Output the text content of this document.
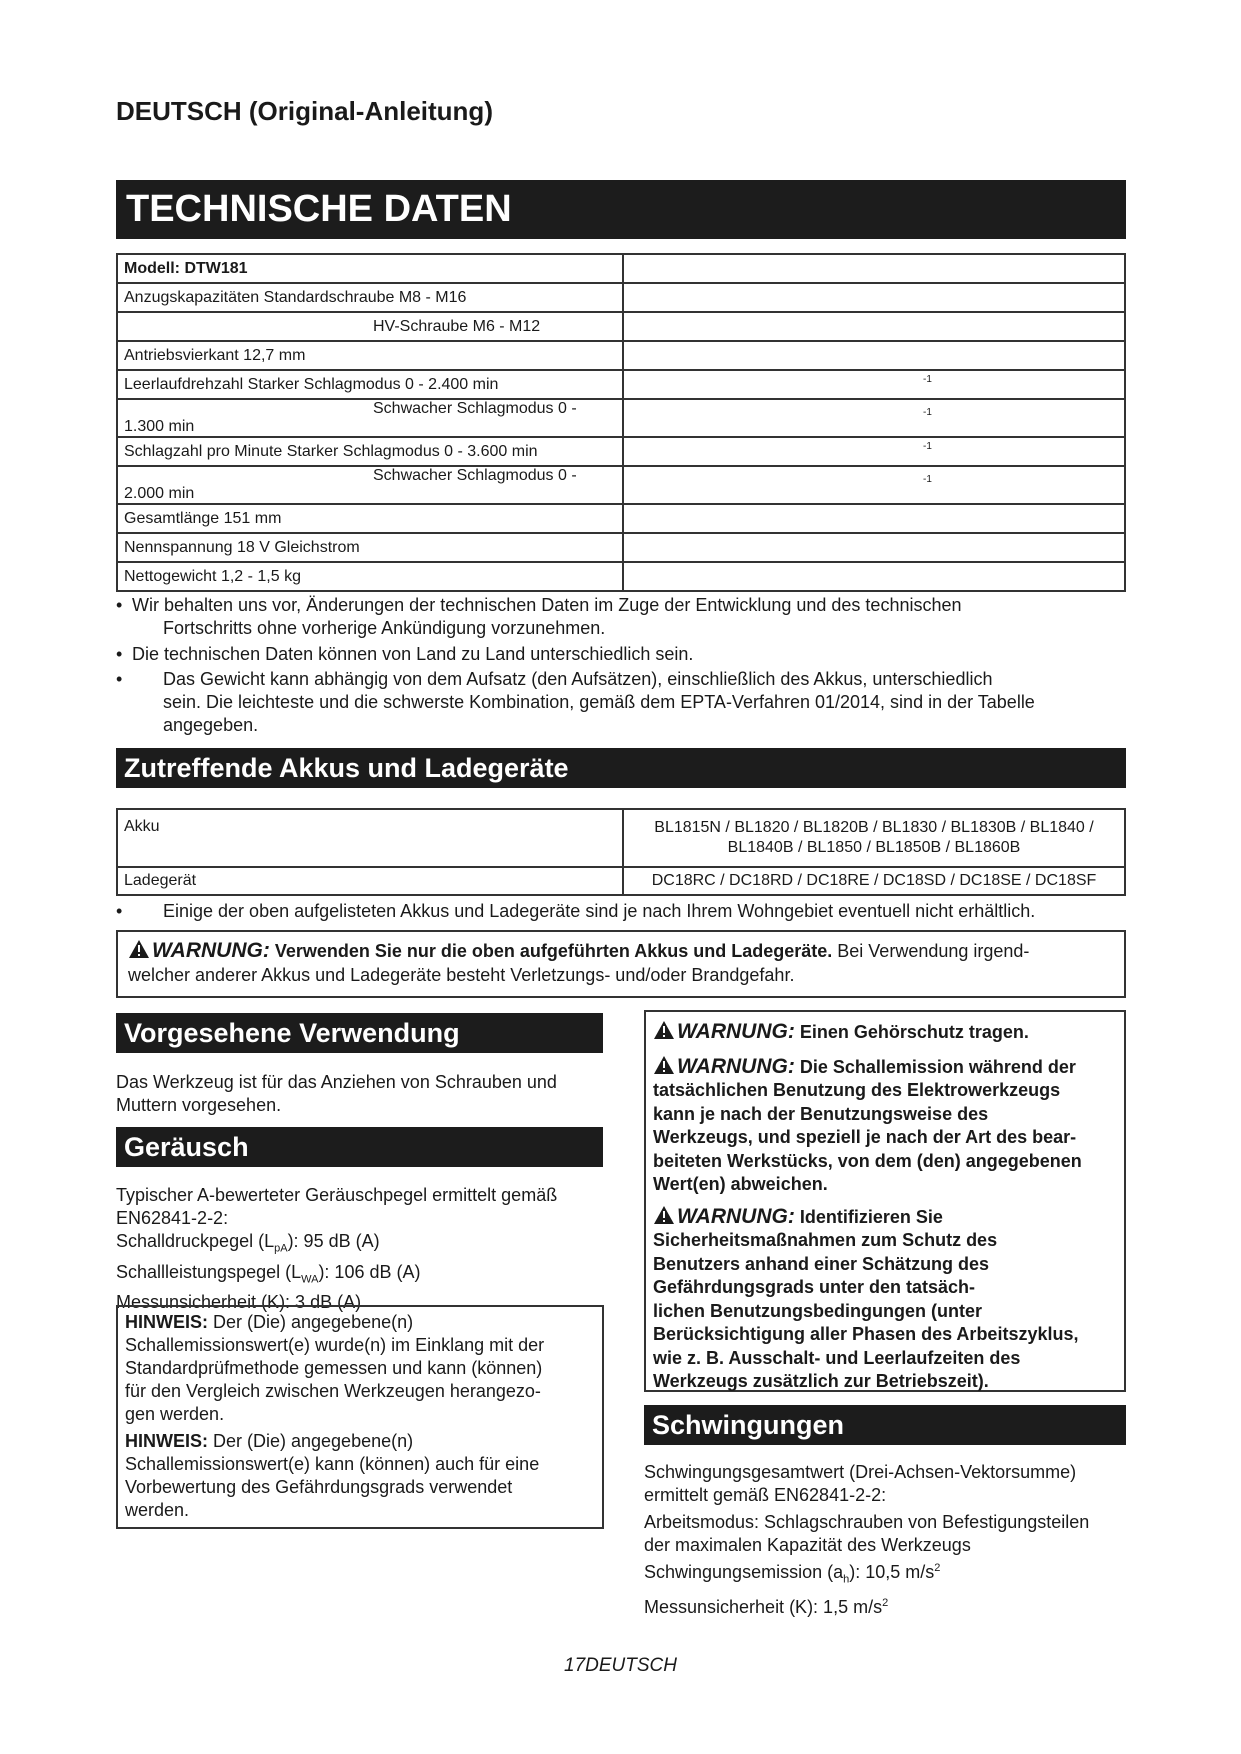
DEUTSCH (Original-Anleitung)
TECHNISCHE DATEN
Modell: DTW181	
Anzugskapazitäten Standardschraube M8 - M16	
HV-Schraube M6 - M12	
Antriebsvierkant 12,7 mm	
Leerlaufdrehzahl Starker Schlagmodus 0 - 2.400 min	$^{-1}$
Schwacher Schlagmodus 0 - 1.300 min	$^{-1}$
Schlagzahl pro Minute Starker Schlagmodus 0 - 3.600 min	$^{-1}$
Schwacher Schlagmodus 0 - 2.000 min	$^{-1}$
Gesamtlänge 151 mm	
Nennspannung 18 V Gleichstrom	
Nettogewicht 1,2 - 1,5 kg	
• Wir behalten uns vor, Änderungen der technischen Daten im Zuge der Entwicklung und des technischen
Fortschritts ohne vorherige Ankündigung vorzunehmen.
• Die technischen Daten können von Land zu Land unterschiedlich sein.
•	Das Gewicht kann abhängig von dem Aufsatz (den Aufsätzen), einschließlich des Akkus, unterschiedlich
sein. Die leichteste und die schwerste Kombination, gemäß dem EPTA-Verfahren 01/2014, sind in der Tabelle
angegeben.
Zutreffende Akkus und Ladegeräte
Akku	BL1815N / BL1820 / BL1820B / BL1830 / BL1830B / BL1840 /
BL1840B / BL1850 / BL1850B / BL1860B

Ladegerät	DC18RC / DC18RD / DC18RE / DC18SD / DC18SE / DC18SF
•	Einige der oben aufgelisteten Akkus und Ladegeräte sind je nach Ihrem Wohngebiet eventuell nicht erhältlich.
WARNUNG: Verwenden Sie nur die oben aufgeführten Akkus und Ladegeräte. Bei Verwendung irgend-
welcher anderer Akkus und Ladegeräte besteht Verletzungs- und/oder Brandgefahr.
Vorgesehene Verwendung
Das Werkzeug ist für das Anziehen von Schrauben und
Muttern vorgesehen.
Geräusch
Typischer A-bewerteter Geräuschpegel ermittelt gemäß
EN62841-2-2:
Schalldruckpegel $(L_{pA})$: 95 dB (A)
Schallleistungspegel $(L_{WA})$: 106 dB (A)
Messunsicherheit (K): 3 dB (A)
HINWEIS: Der (Die) angegebene(n)
Schallemissionswert(e) wurde(n) im Einklang mit der
Standardprüfmethode gemessen und kann (können)
für den Vergleich zwischen Werkzeugen herangezo-
gen werden.
HINWEIS: Der (Die) angegebene(n)
Schallemissionswert(e) kann (können) auch für eine
Vorbewertung des Gefährdungsgrads verwendet
werden.
WARNUNG: Einen Gehörschutz tragen.
WARNUNG: Die Schallemission während der
tatsächlichen Benutzung des Elektrowerkzeugs
kann je nach der Benutzungsweise des
Werkzeugs, und speziell je nach der Art des bear-
beiteten Werkstücks, von dem (den) angegebenen
Wert(en) abweichen.
WARNUNG: Identifizieren Sie
Sicherheitsmaßnahmen zum Schutz des
Benutzers anhand einer Schätzung des
Gefährdungsgrads unter den tatsäch-
lichen Benutzungsbedingungen (unter
Berücksichtigung aller Phasen des Arbeitszyklus,
wie z. B. Ausschalt- und Leerlaufzeiten des
Werkzeugs zusätzlich zur Betriebszeit).
Schwingungen
Schwingungsgesamtwert (Drei-Achsen-Vektorsumme)
ermittelt gemäß EN62841-2-2:
Arbeitsmodus: Schlagschrauben von Befestigungsteilen
der maximalen Kapazität des Werkzeugs
Schwingungsemission $(a_h)$: 10,5 $m/s^2$
Messunsicherheit (K): 1,5 $m/s^2$
17DEUTSCH
